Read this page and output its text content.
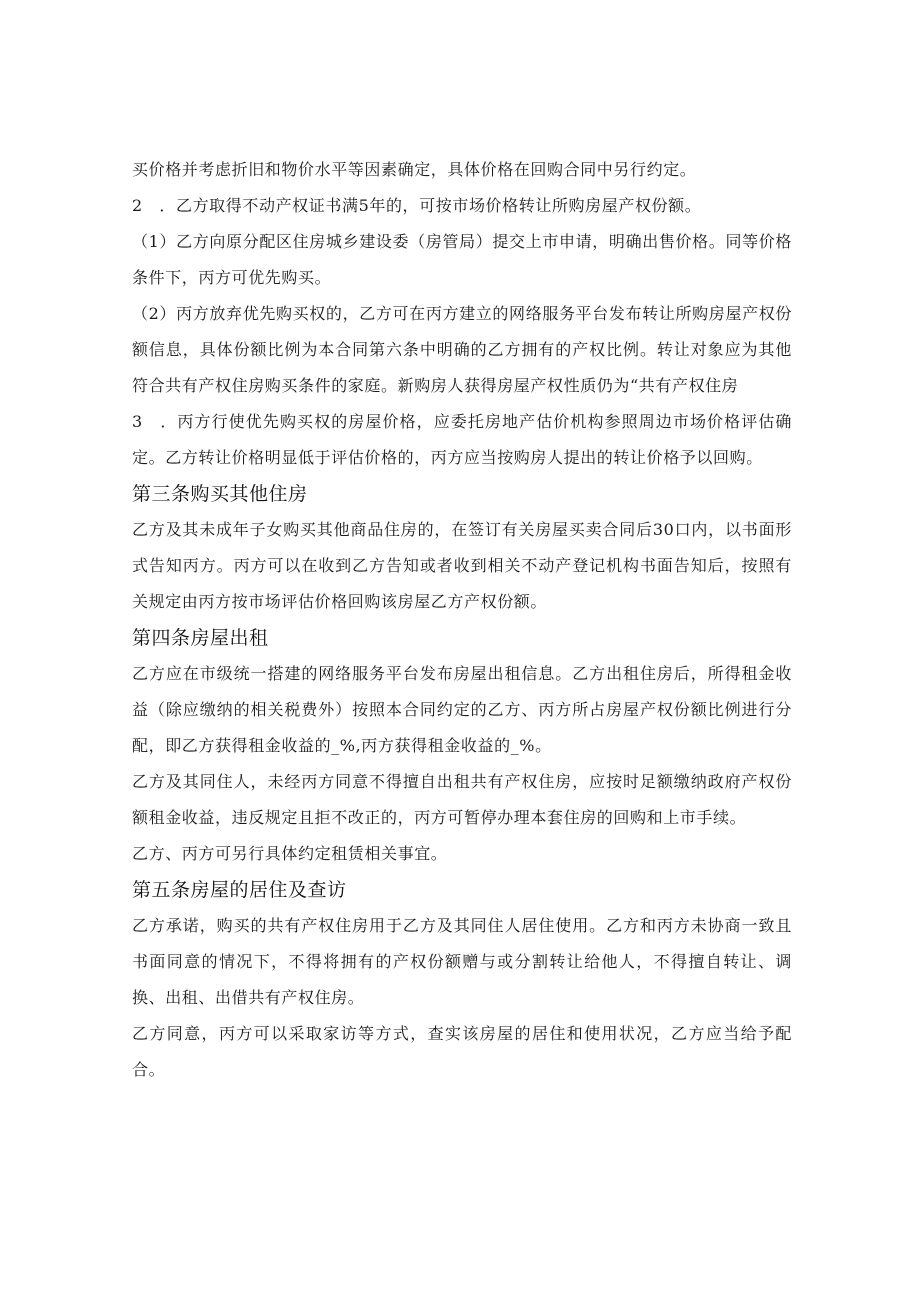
买价格并考虑折旧和物价水平等因素确定，具体价格在回购合同中另行约定。

2　．乙方取得不动产权证书满5年的，可按市场价格转让所购房屋产权份额。

（1）乙方向原分配区住房城乡建设委（房管局）提交上市申请，明确出售价格。同等价格条件下，丙方可优先购买。

（2）丙方放弃优先购买权的，乙方可在丙方建立的网络服务平台发布转让所购房屋产权份额信息，具体份额比例为本合同第六条中明确的乙方拥有的产权比例。转让对象应为其他符合共有产权住房购买条件的家庭。新购房人获得房屋产权性质仍为“共有产权住房

3　．丙方行使优先购买权的房屋价格，应委托房地产估价机构参照周边市场价格评估确定。乙方转让价格明显低于评估价格的，丙方应当按购房人提出的转让价格予以回购。

第三条购买其他住房

乙方及其未成年子女购买其他商品住房的，在签订有关房屋买卖合同后30口内，以书面形式告知丙方。丙方可以在收到乙方告知或者收到相关不动产登记机构书面告知后，按照有关规定由丙方按市场评估价格回购该房屋乙方产权份额。

第四条房屋出租

乙方应在市级统一搭建的网络服务平台发布房屋出租信息。乙方出租住房后，所得租金收益（除应缴纳的相关税费外）按照本合同约定的乙方、丙方所占房屋产权份额比例进行分配，即乙方获得租金收益的_%,丙方获得租金收益的_%。

乙方及其同住人，未经丙方同意不得擅自出租共有产权住房，应按时足额缴纳政府产权份额租金收益，违反规定且拒不改正的，丙方可暂停办理本套住房的回购和上市手续。

乙方、丙方可另行具体约定租赁相关事宜。

第五条房屋的居住及查访

乙方承诺，购买的共有产权住房用于乙方及其同住人居住使用。乙方和丙方未协商一致且书面同意的情况下，不得将拥有的产权份额赠与或分割转让给他人，不得擅自转让、调换、出租、出借共有产权住房。

乙方同意，丙方可以采取家访等方式，查实该房屋的居住和使用状况，乙方应当给予配合。
